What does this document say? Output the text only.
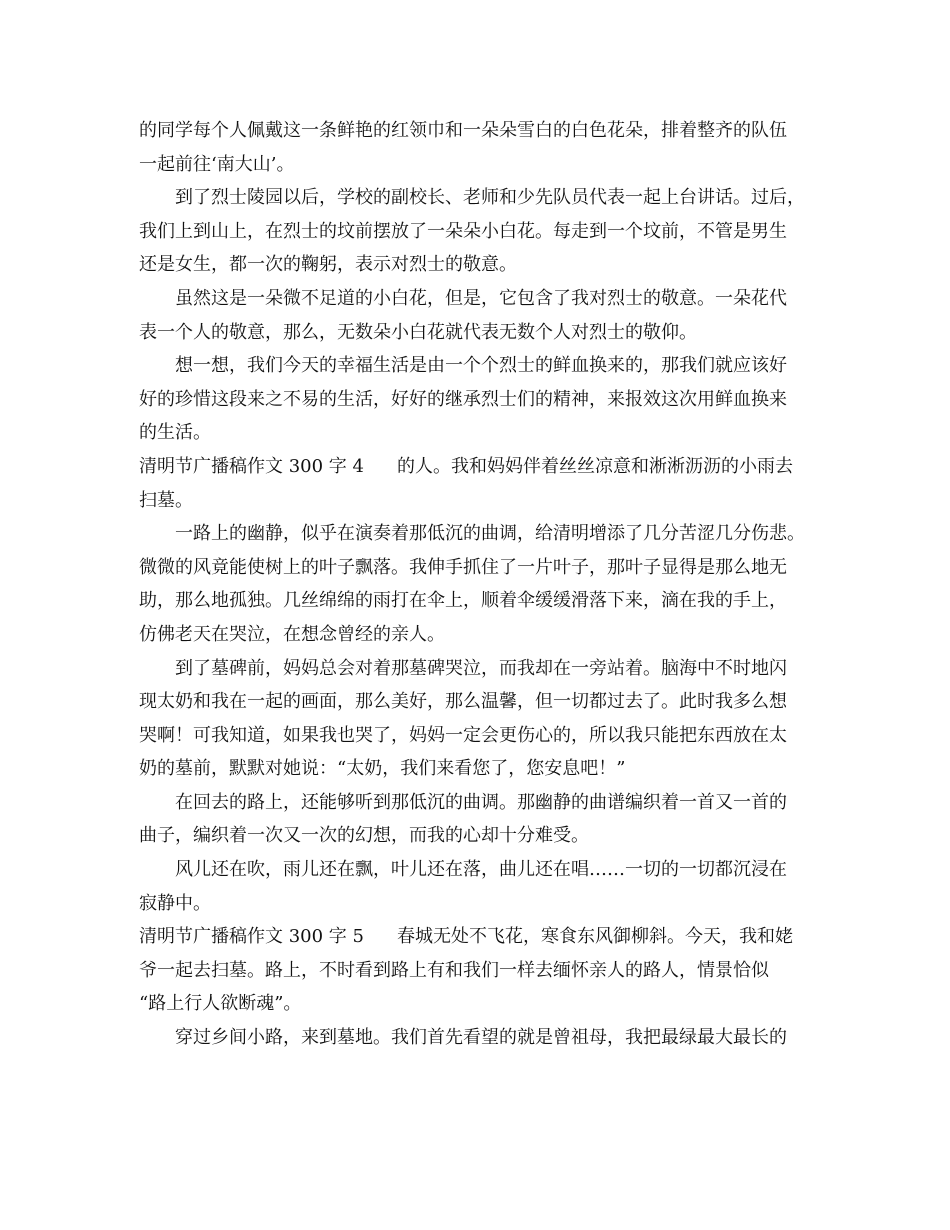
的同学每个人佩戴这一条鲜艳的红领巾和一朵朵雪白的白色花朵，排着整齐的队伍
一起前往‘南大山’。
到了烈士陵园以后，学校的副校长、老师和少先队员代表一起上台讲话。过后，
我们上到山上，在烈士的坟前摆放了一朵朵小白花。每走到一个坟前，不管是男生
还是女生，都一次的鞠躬，表示对烈士的敬意。
虽然这是一朵微不足道的小白花，但是，它包含了我对烈士的敬意。一朵花代
表一个人的敬意，那么，无数朵小白花就代表无数个人对烈士的敬仰。
想一想，我们今天的幸福生活是由一个个烈士的鲜血换来的，那我们就应该好
好的珍惜这段来之不易的生活，好好的继承烈士们的精神，来报效这次用鲜血换来
的生活。
清明节广播稿作文 300 字 4 的人。我和妈妈伴着丝丝凉意和淅淅沥沥的小雨去
扫墓。
一路上的幽静，似乎在演奏着那低沉的曲调，给清明增添了几分苦涩几分伤悲。
微微的风竟能使树上的叶子飘落。我伸手抓住了一片叶子，那叶子显得是那么地无
助，那么地孤独。几丝绵绵的雨打在伞上，顺着伞缓缓滑落下来，滴在我的手上，
仿佛老天在哭泣，在想念曾经的亲人。
到了墓碑前，妈妈总会对着那墓碑哭泣，而我却在一旁站着。脑海中不时地闪
现太奶和我在一起的画面，那么美好，那么温馨，但一切都过去了。此时我多么想
哭啊！可我知道，如果我也哭了，妈妈一定会更伤心的，所以我只能把东西放在太
奶的墓前，默默对她说：“太奶，我们来看您了，您安息吧！”
在回去的路上，还能够听到那低沉的曲调。那幽静的曲谱编织着一首又一首的
曲子，编织着一次又一次的幻想，而我的心却十分难受。
风儿还在吹，雨儿还在飘，叶儿还在落，曲儿还在唱……一切的一切都沉浸在
寂静中。
清明节广播稿作文 300 字 5 春城无处不飞花，寒食东风御柳斜。今天，我和姥
爷一起去扫墓。路上，不时看到路上有和我们一样去缅怀亲人的路人，情景恰似
“路上行人欲断魂”。
穿过乡间小路，来到墓地。我们首先看望的就是曾祖母，我把最绿最大最长的
